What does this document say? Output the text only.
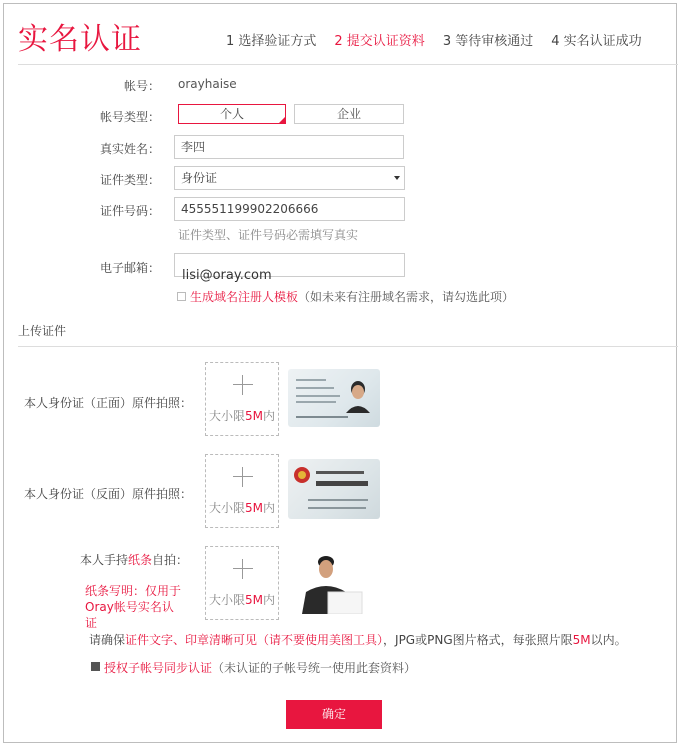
实名认证	1 选择验证方式 2 提交认证资料 3 等待审核通过 4 实名认证成功
帐号： orayhaise
帐号类型：	个人	企业
真实姓名：	李四
证件类型：	身份证
证件号码：	455551199902206666
证件类型、证件号码必需填写真实
电子邮箱： lisi@oray.com
生成域名注册人模板（如未来有注册域名需求，请勾选此项）
上传证件
本人身份证（正面）原件拍照：
大小限5M内
本人身份证（反面）原件拍照：
大小限5M内
本人手持纸条自拍：
纸条写明：仅用于Oray帐号实名认证
大小限5M内
请确保证件文字、印章清晰可见（请不要使用美图工具），JPG或PNG图片格式，每张照片限5M以内。
授权子帐号同步认证（未认证的子帐号统一使用此套资料）
确定
